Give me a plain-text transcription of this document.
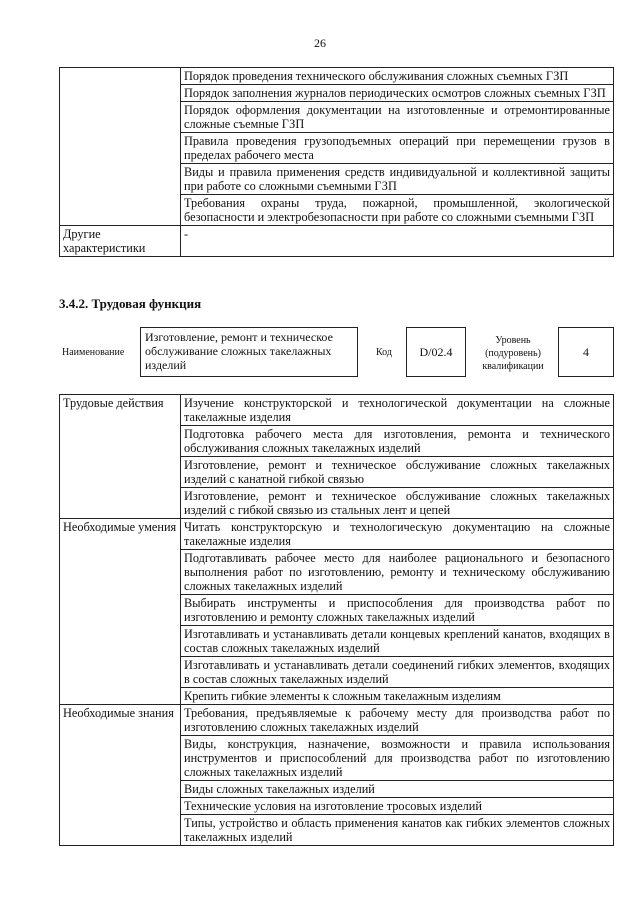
26
	Порядок проведения технического обслуживания сложных съемных ГЗП
	Порядок заполнения журналов периодических осмотров сложных съемных ГЗП
	Порядок оформления документации на изготовленные и отремонтированные сложные съемные ГЗП
	Правила проведения грузоподъемных операций при перемещении грузов в пределах рабочего места
	Виды и правила применения средств индивидуальной и коллективной защиты при работе со сложными съемными ГЗП
	Требования охраны труда, пожарной, промышленной, экологической безопасности и электробезопасности при работе со сложными съемными ГЗП
Другие характеристики	-
3.4.2. Трудовая функция
Наименование
Изготовление, ремонт и техническое обслуживание сложных такелажных изделий
Код	D/02.4
Уровень (подуровень) квалификации
4
Трудовые действия	Изучение конструкторской и технологической документации на сложные такелажные изделия
	Подготовка рабочего места для изготовления, ремонта и технического обслуживания сложных такелажных изделий
	Изготовление, ремонт и техническое обслуживание сложных такелажных изделий с канатной гибкой связью
	Изготовление, ремонт и техническое обслуживание сложных такелажных изделий с гибкой связью из стальных лент и цепей
Необходимые умения	Читать конструкторскую и технологическую документацию на сложные такелажные изделия
	Подготавливать рабочее место для наиболее рационального и безопасного выполнения работ по изготовлению, ремонту и техническому обслуживанию сложных такелажных изделий
	Выбирать инструменты и приспособления для производства работ по изготовлению и ремонту сложных такелажных изделий
	Изготавливать и устанавливать детали концевых креплений канатов, входящих в состав сложных такелажных изделий
	Изготавливать и устанавливать детали соединений гибких элементов, входящих в состав сложных такелажных изделий
	Крепить гибкие элементы к сложным такелажным изделиям
Необходимые знания	Требования, предъявляемые к рабочему месту для производства работ по изготовлению сложных такелажных изделий
	Виды, конструкция, назначение, возможности и правила использования инструментов и приспособлений для производства работ по изготовлению сложных такелажных изделий
	Виды сложных такелажных изделий
	Технические условия на изготовление тросовых изделий
	Типы, устройство и область применения канатов как гибких элементов сложных такелажных изделий
